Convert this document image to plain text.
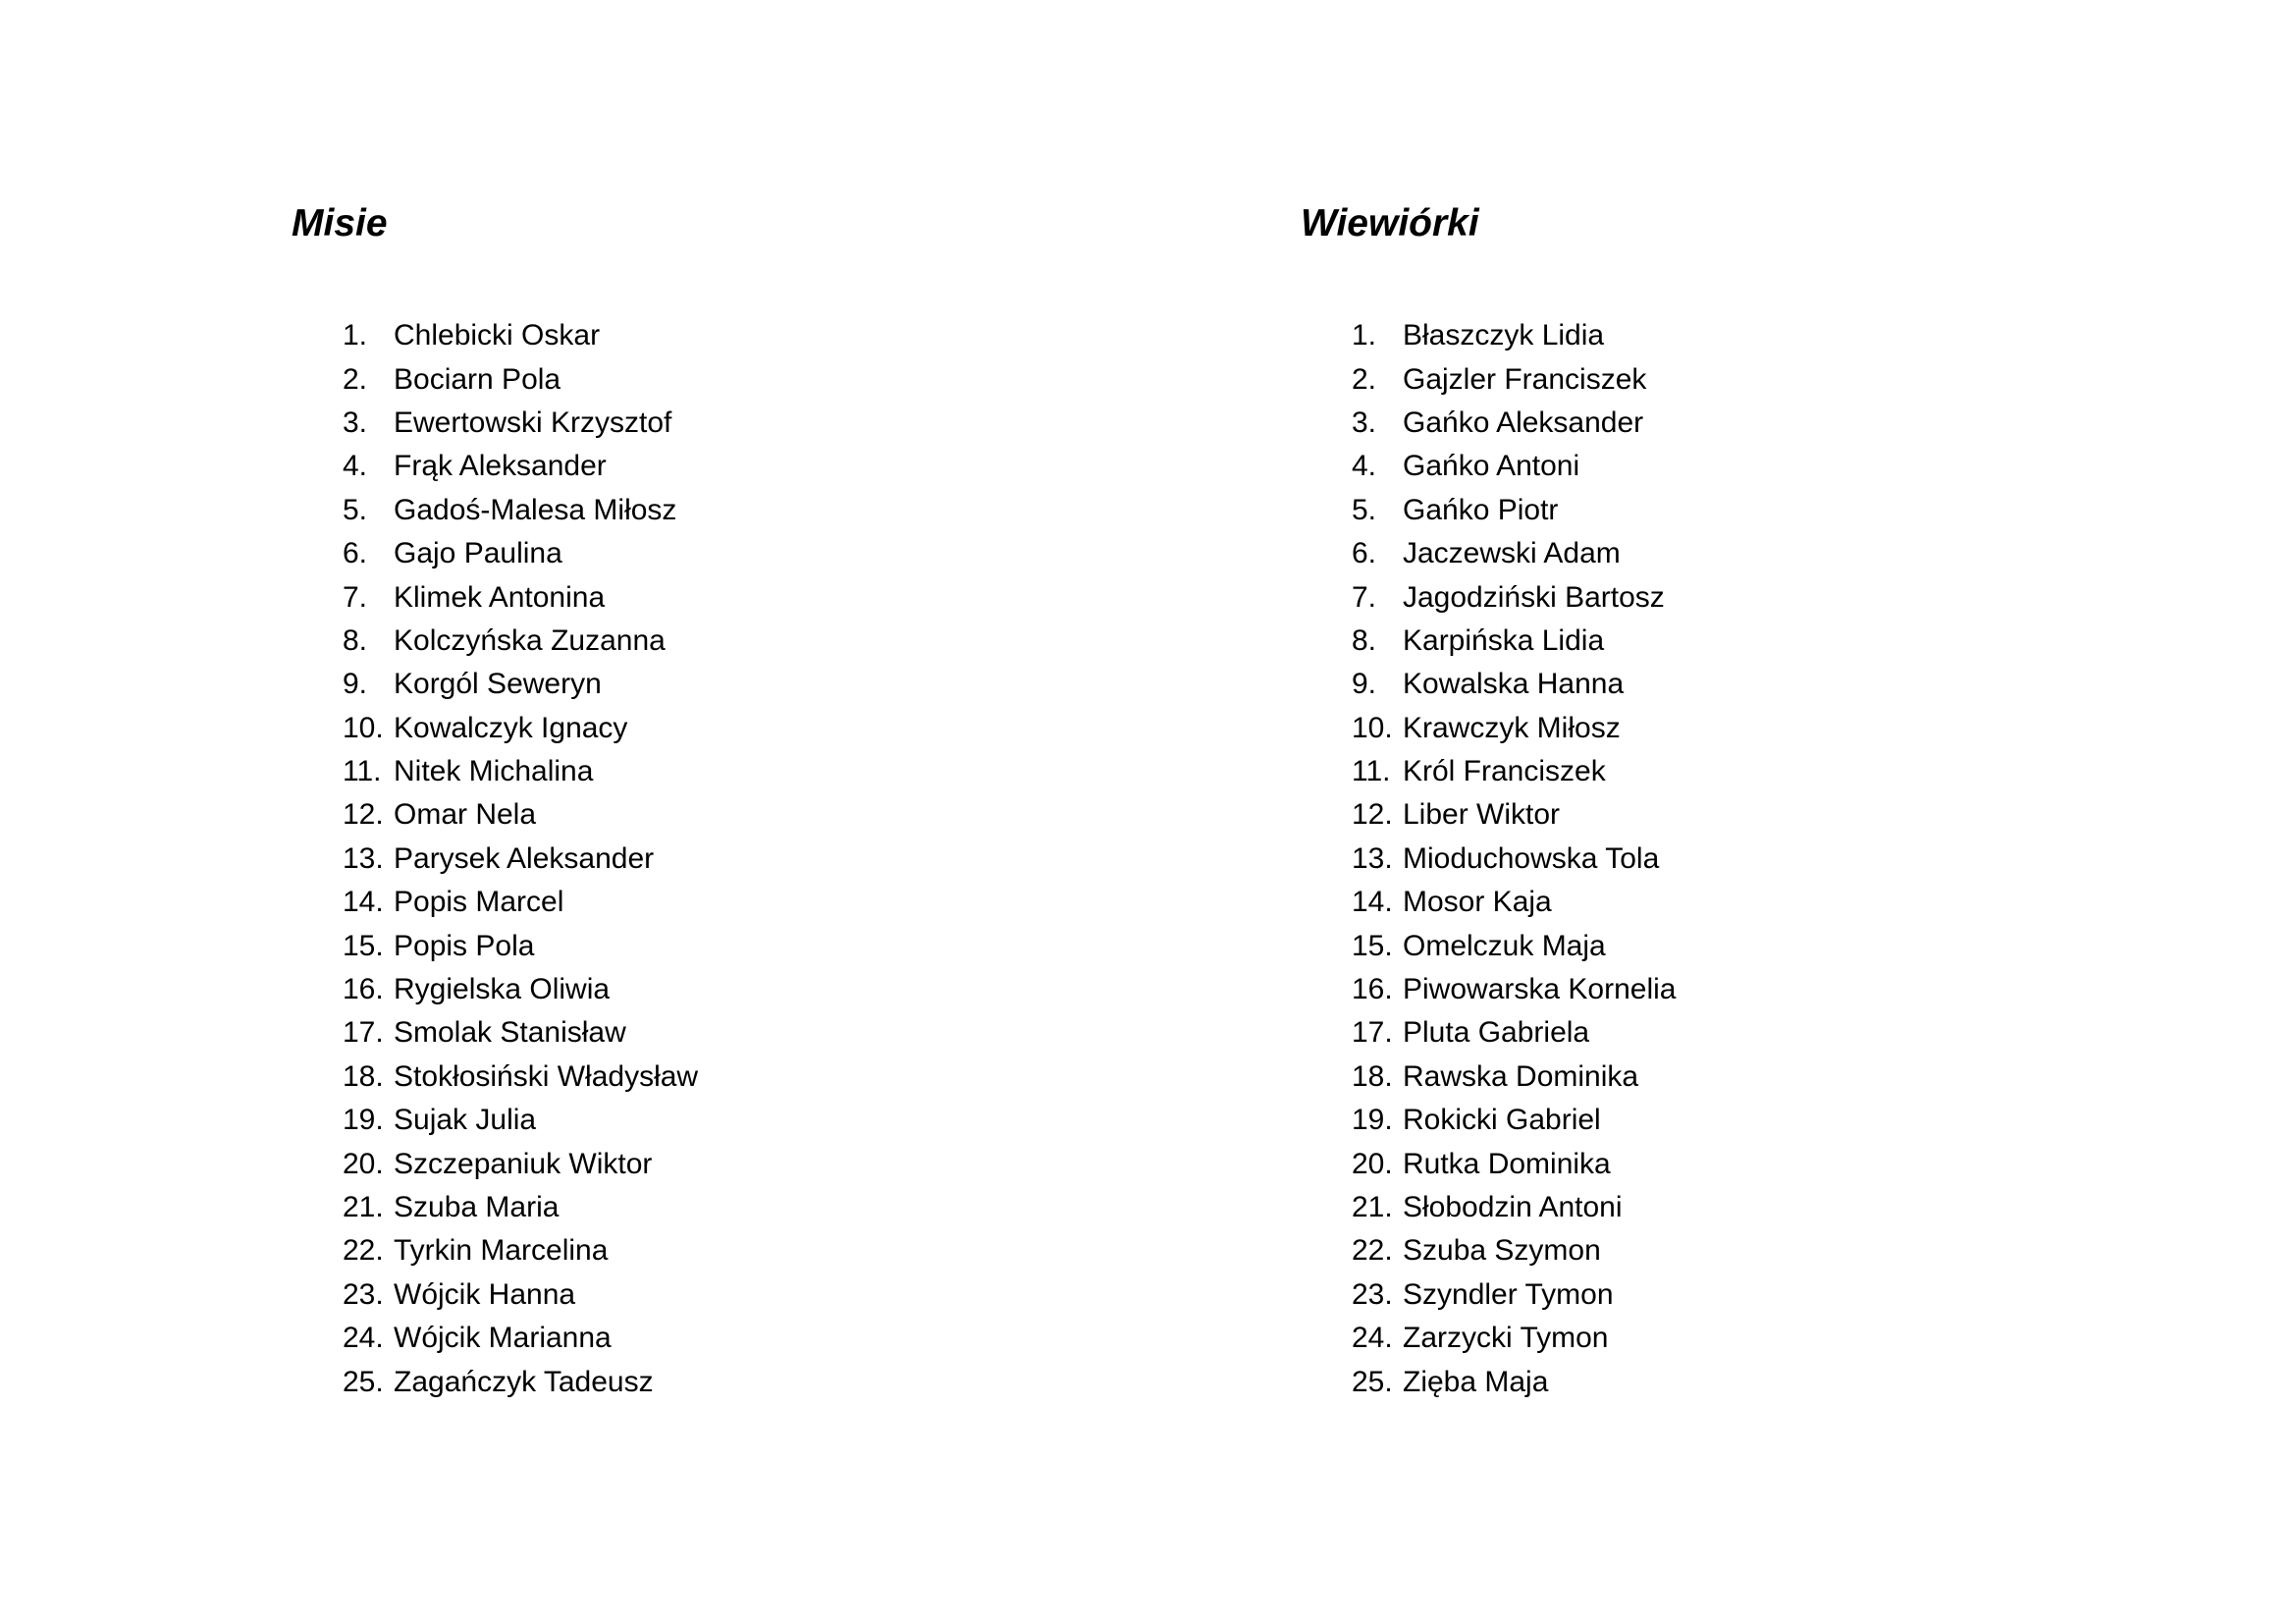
Misie
1. Chlebicki Oskar
2. Bociarn Pola
3. Ewertowski Krzysztof
4. Frąk Aleksander
5. Gadoś-Malesa Miłosz
6. Gajo Paulina
7. Klimek Antonina
8. Kolczyńska Zuzanna
9. Korgól Seweryn
10. Kowalczyk Ignacy
11. Nitek Michalina
12. Omar Nela
13. Parysek Aleksander
14. Popis Marcel
15. Popis Pola
16. Rygielska Oliwia
17. Smolak Stanisław
18. Stokłosiński Władysław
19. Sujak Julia
20. Szczepaniuk Wiktor
21. Szuba Maria
22. Tyrkin Marcelina
23. Wójcik Hanna
24. Wójcik Marianna
25. Zagańczyk Tadeusz
Wiewiórki
1. Błaszczyk Lidia
2. Gajzler Franciszek
3. Gańko Aleksander
4. Gańko Antoni
5. Gańko Piotr
6. Jaczewski Adam
7. Jagodziński Bartosz
8. Karpińska Lidia
9. Kowalska Hanna
10. Krawczyk Miłosz
11. Król Franciszek
12. Liber Wiktor
13. Mioduchowska Tola
14. Mosor Kaja
15. Omelczuk Maja
16. Piwowarska Kornelia
17. Pluta Gabriela
18. Rawska Dominika
19. Rokicki Gabriel
20. Rutka Dominika
21. Słobodzin Antoni
22. Szuba Szymon
23. Szyndler Tymon
24. Zarzycki Tymon
25. Zięba Maja
